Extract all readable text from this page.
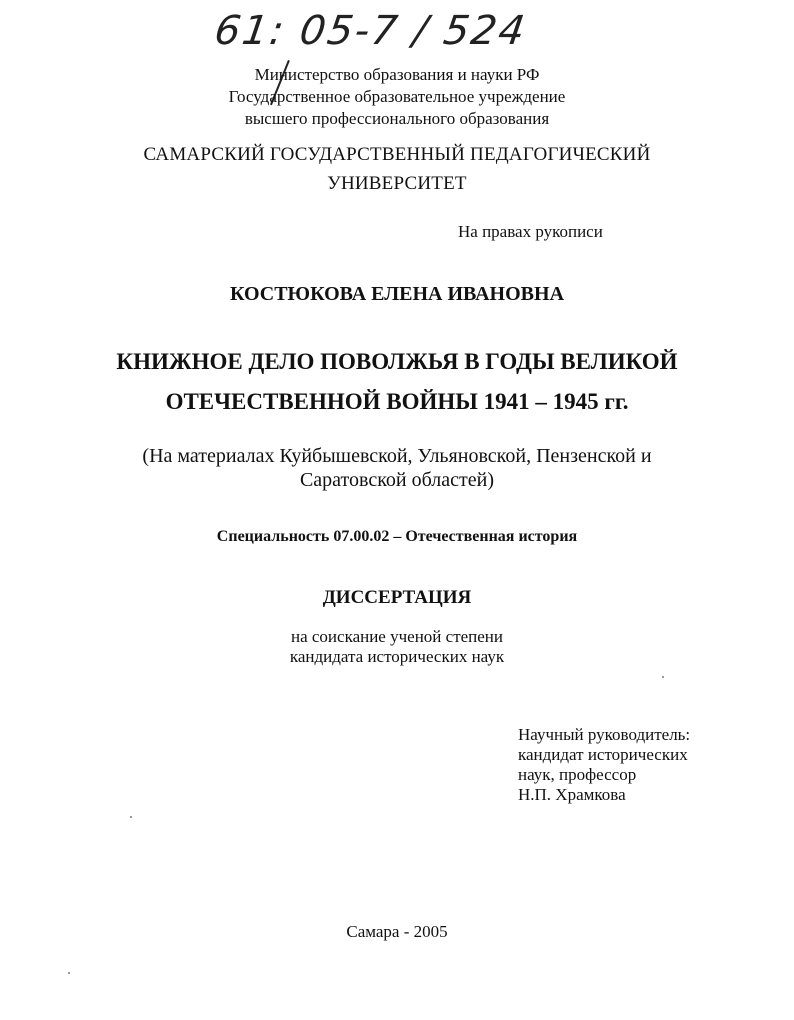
61: 05-7 / 524
Министерство образования и науки РФ
Государственное образовательное учреждение
высшего профессионального образования
САМАРСКИЙ ГОСУДАРСТВЕННЫЙ ПЕДАГОГИЧЕСКИЙ
УНИВЕРСИТЕТ
На правах рукописи
КОСТЮКОВА ЕЛЕНА ИВАНОВНА
КНИЖНОЕ ДЕЛО ПОВОЛЖЬЯ В ГОДЫ ВЕЛИКОЙ
ОТЕЧЕСТВЕННОЙ ВОЙНЫ 1941 – 1945 гг.
(На материалах Куйбышевской, Ульяновской, Пензенской и
Саратовской областей)
Специальность 07.00.02 – Отечественная история
ДИССЕРТАЦИЯ
на соискание ученой степени
кандидата исторических наук
Научный руководитель:
кандидат исторических
наук, профессор
Н.П. Храмкова
Самара - 2005
